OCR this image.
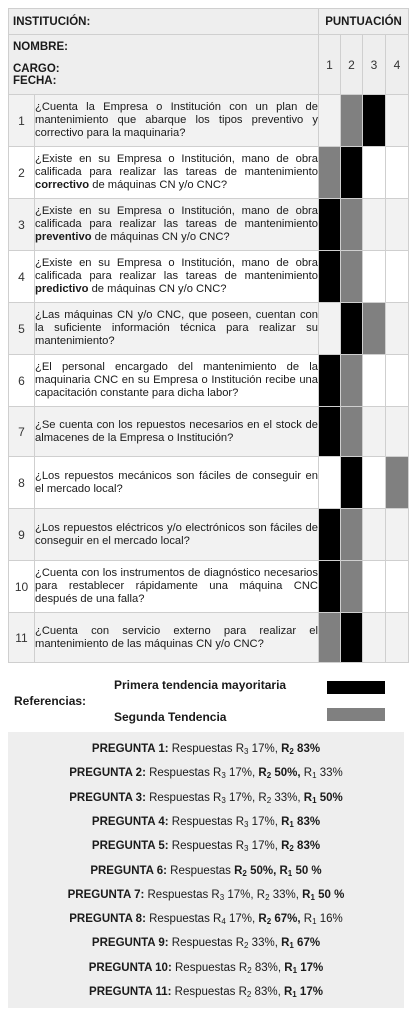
INSTITUCIÓN:		PUNTUACIÓN			

NOMBRE:
CARGO:
FECHA:		1	2	3	4
1	¿Cuenta la Empresa o Institución con un plan de mantenimiento que abarque los tipos preventivo y correctivo para la maquinaria?				
2	¿Existe en su Empresa o Institución, mano de obra calificada para realizar las tareas de mantenimiento correctivo de máquinas CN y/o CNC?				
3	¿Existe en su Empresa o Institución, mano de obra calificada para realizar las tareas de mantenimiento preventivo de máquinas CN y/o CNC?				
4	¿Existe en su Empresa o Institución, mano de obra calificada para realizar las tareas de mantenimiento predictivo de máquinas CN y/o CNC?				
5	¿Las máquinas CN y/o CNC, que poseen, cuentan con la suficiente información técnica para realizar su mantenimiento?				
6	¿El personal encargado del mantenimiento de la maquinaria CNC en su Empresa o Institución recibe una capacitación constante para dicha labor?				
7	¿Se cuenta con los repuestos necesarios en el stock de almacenes de la Empresa o Institución?				
8	¿Los repuestos mecánicos son fáciles de conseguir en el mercado local?				
9	¿Los repuestos eléctricos y/o electrónicos son fáciles de conseguir en el mercado local?				
10	¿Cuenta con los instrumentos de diagnóstico necesarios para restablecer rápidamente una máquina CNC después de una falla?				
11	¿Cuenta con servicio externo para realizar el mantenimiento de las máquinas CN y/o CNC?				
Referencias:
Primera tendencia mayoritaria
Segunda Tendencia
PREGUNTA 1: Respuestas $R_3$ 17%, $R_2$ 83%
PREGUNTA 2: Respuestas $R_3$ 17%, $R_2$ 50%, $R_1$ 33%
PREGUNTA 3: Respuestas $R_3$ 17%, $R_2$ 33%, $R_1$ 50%
PREGUNTA 4: Respuestas $R_3$ 17%, $R_1$ 83%
PREGUNTA 5: Respuestas $R_3$ 17%, $R_2$ 83%
PREGUNTA 6: Respuestas $R_2$ 50%, $R_1$ 50 %
PREGUNTA 7: Respuestas $R_3$ 17%, $R_2$ 33%, $R_1$ 50 %
PREGUNTA 8: Respuestas $R_4$ 17%, $R_2$ 67%, $R_1$ 16%
PREGUNTA 9: Respuestas $R_2$ 33%, $R_1$ 67%
PREGUNTA 10: Respuestas $R_2$ 83%, $R_1$ 17%
PREGUNTA 11: Respuestas $R_2$ 83%, $R_1$ 17%
